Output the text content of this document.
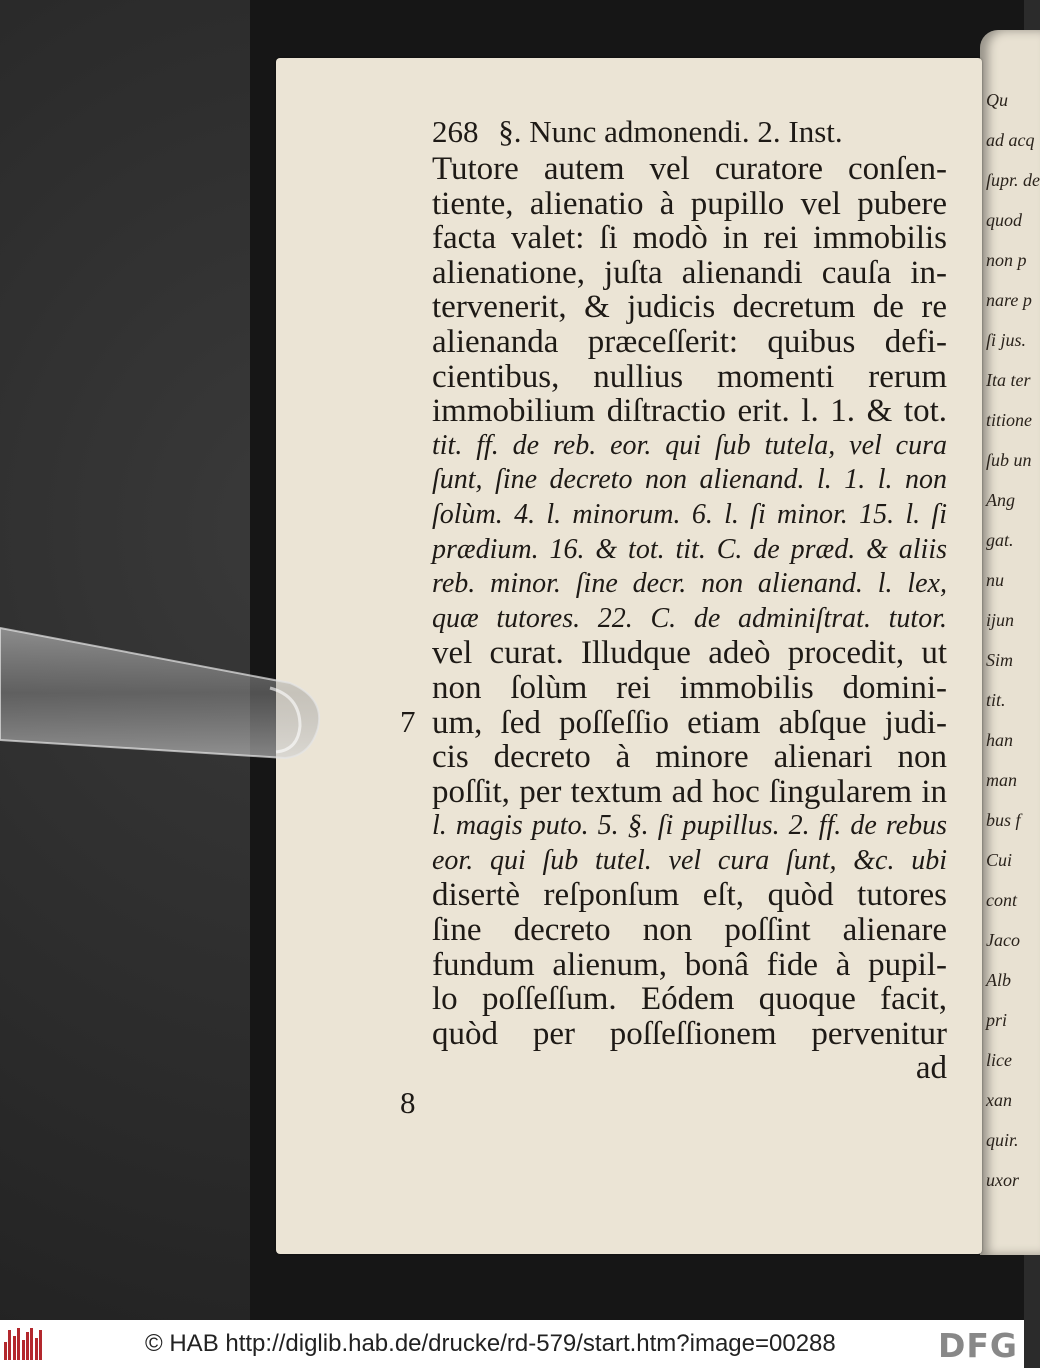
Qu
ad acq
ſupr. de
quod
non p
nare p
ſi jus.
Ita ter
titione
ſub un
Ang
gat.
nu
ijun
Sim
tit.
han
man
bus f
Cui
cont
Jaco
Alb
pri
lice
xan
quir.
uxor
268 §. Nunc admonendi. 2. Inst.
Tutore autem vel curatore conſen-
tiente, alienatio à pupillo vel pubere
facta valet: ſi modò in rei immobilis
alienatione, juſta alienandi cauſa in-
tervenerit, & judicis decretum de re
alienanda præceſſerit: quibus defi-
cientibus, nullius momenti rerum
immobilium diſtractio erit. l. 1. & tot.
tit. ff. de reb. eor. qui ſub tutela, vel cura
ſunt, ſine decreto non alienand. l. 1. l. non
ſolùm. 4. l. minorum. 6. l. ſi minor. 15. l. ſi
prædium. 16. & tot. tit. C. de præd. & aliis
reb. minor. ſine decr. non alienand. l. lex,
quæ tutores. 22. C. de adminiſtrat. tutor.
vel curat. Illudque adeò procedit, ut
non ſolùm rei immobilis domini-
um, ſed poſſeſſio etiam abſque judi-
cis decreto à minore alienari non
poſſit, per textum ad hoc ſingularem in
l. magis puto. 5. §. ſi pupillus. 2. ff. de rebus
eor. qui ſub tutel. vel cura ſunt, &c. ubi
disertè reſponſum eſt, quòd tutores
ſine decreto non poſſint alienare
fundum alienum, bonâ fide à pupil-
lo poſſeſſum. Eódem quoque facit,
quòd per poſſeſſionem pervenitur
ad
7
8
© HAB http://diglib.hab.de/drucke/rd-579/start.htm?image=00288	DFG
